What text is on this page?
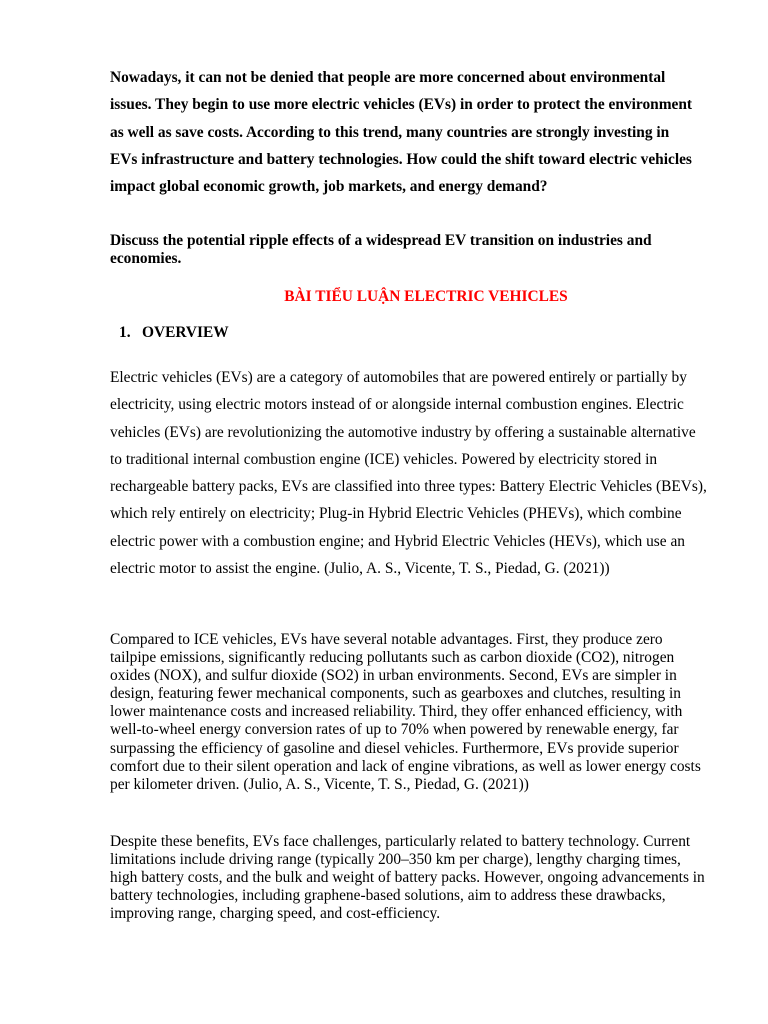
Nowadays, it can not be denied that people are more concerned about environmental issues. They begin to use more electric vehicles (EVs) in order to protect the environment as well as save costs. According to this trend, many countries are strongly investing in EVs infrastructure and battery technologies. How could the shift toward electric vehicles impact global economic growth, job markets, and energy demand?

Discuss the potential ripple effects of a widespread EV transition on industries and economies.

BÀI TIỂU LUẬN ELECTRIC VEHICLES
1. OVERVIEW

Electric vehicles (EVs) are a category of automobiles that are powered entirely or partially by electricity, using electric motors instead of or alongside internal combustion engines. Electric vehicles (EVs) are revolutionizing the automotive industry by offering a sustainable alternative to traditional internal combustion engine (ICE) vehicles. Powered by electricity stored in rechargeable battery packs, EVs are classified into three types: Battery Electric Vehicles (BEVs), which rely entirely on electricity; Plug-in Hybrid Electric Vehicles (PHEVs), which combine electric power with a combustion engine; and Hybrid Electric Vehicles (HEVs), which use an electric motor to assist the engine. (Julio, A. S., Vicente, T. S., Piedad, G. (2021))

Compared to ICE vehicles, EVs have several notable advantages. First, they produce zero tailpipe emissions, significantly reducing pollutants such as carbon dioxide (CO2), nitrogen oxides (NOX), and sulfur dioxide (SO2) in urban environments. Second, EVs are simpler in design, featuring fewer mechanical components, such as gearboxes and clutches, resulting in lower maintenance costs and increased reliability. Third, they offer enhanced efficiency, with well-to-wheel energy conversion rates of up to 70% when powered by renewable energy, far surpassing the efficiency of gasoline and diesel vehicles. Furthermore, EVs provide superior comfort due to their silent operation and lack of engine vibrations, as well as lower energy costs per kilometer driven. (Julio, A. S., Vicente, T. S., Piedad, G. (2021))

Despite these benefits, EVs face challenges, particularly related to battery technology. Current limitations include driving range (typically 200–350 km per charge), lengthy charging times, high battery costs, and the bulk and weight of battery packs. However, ongoing advancements in battery technologies, including graphene-based solutions, aim to address these drawbacks, improving range, charging speed, and cost-efficiency.
